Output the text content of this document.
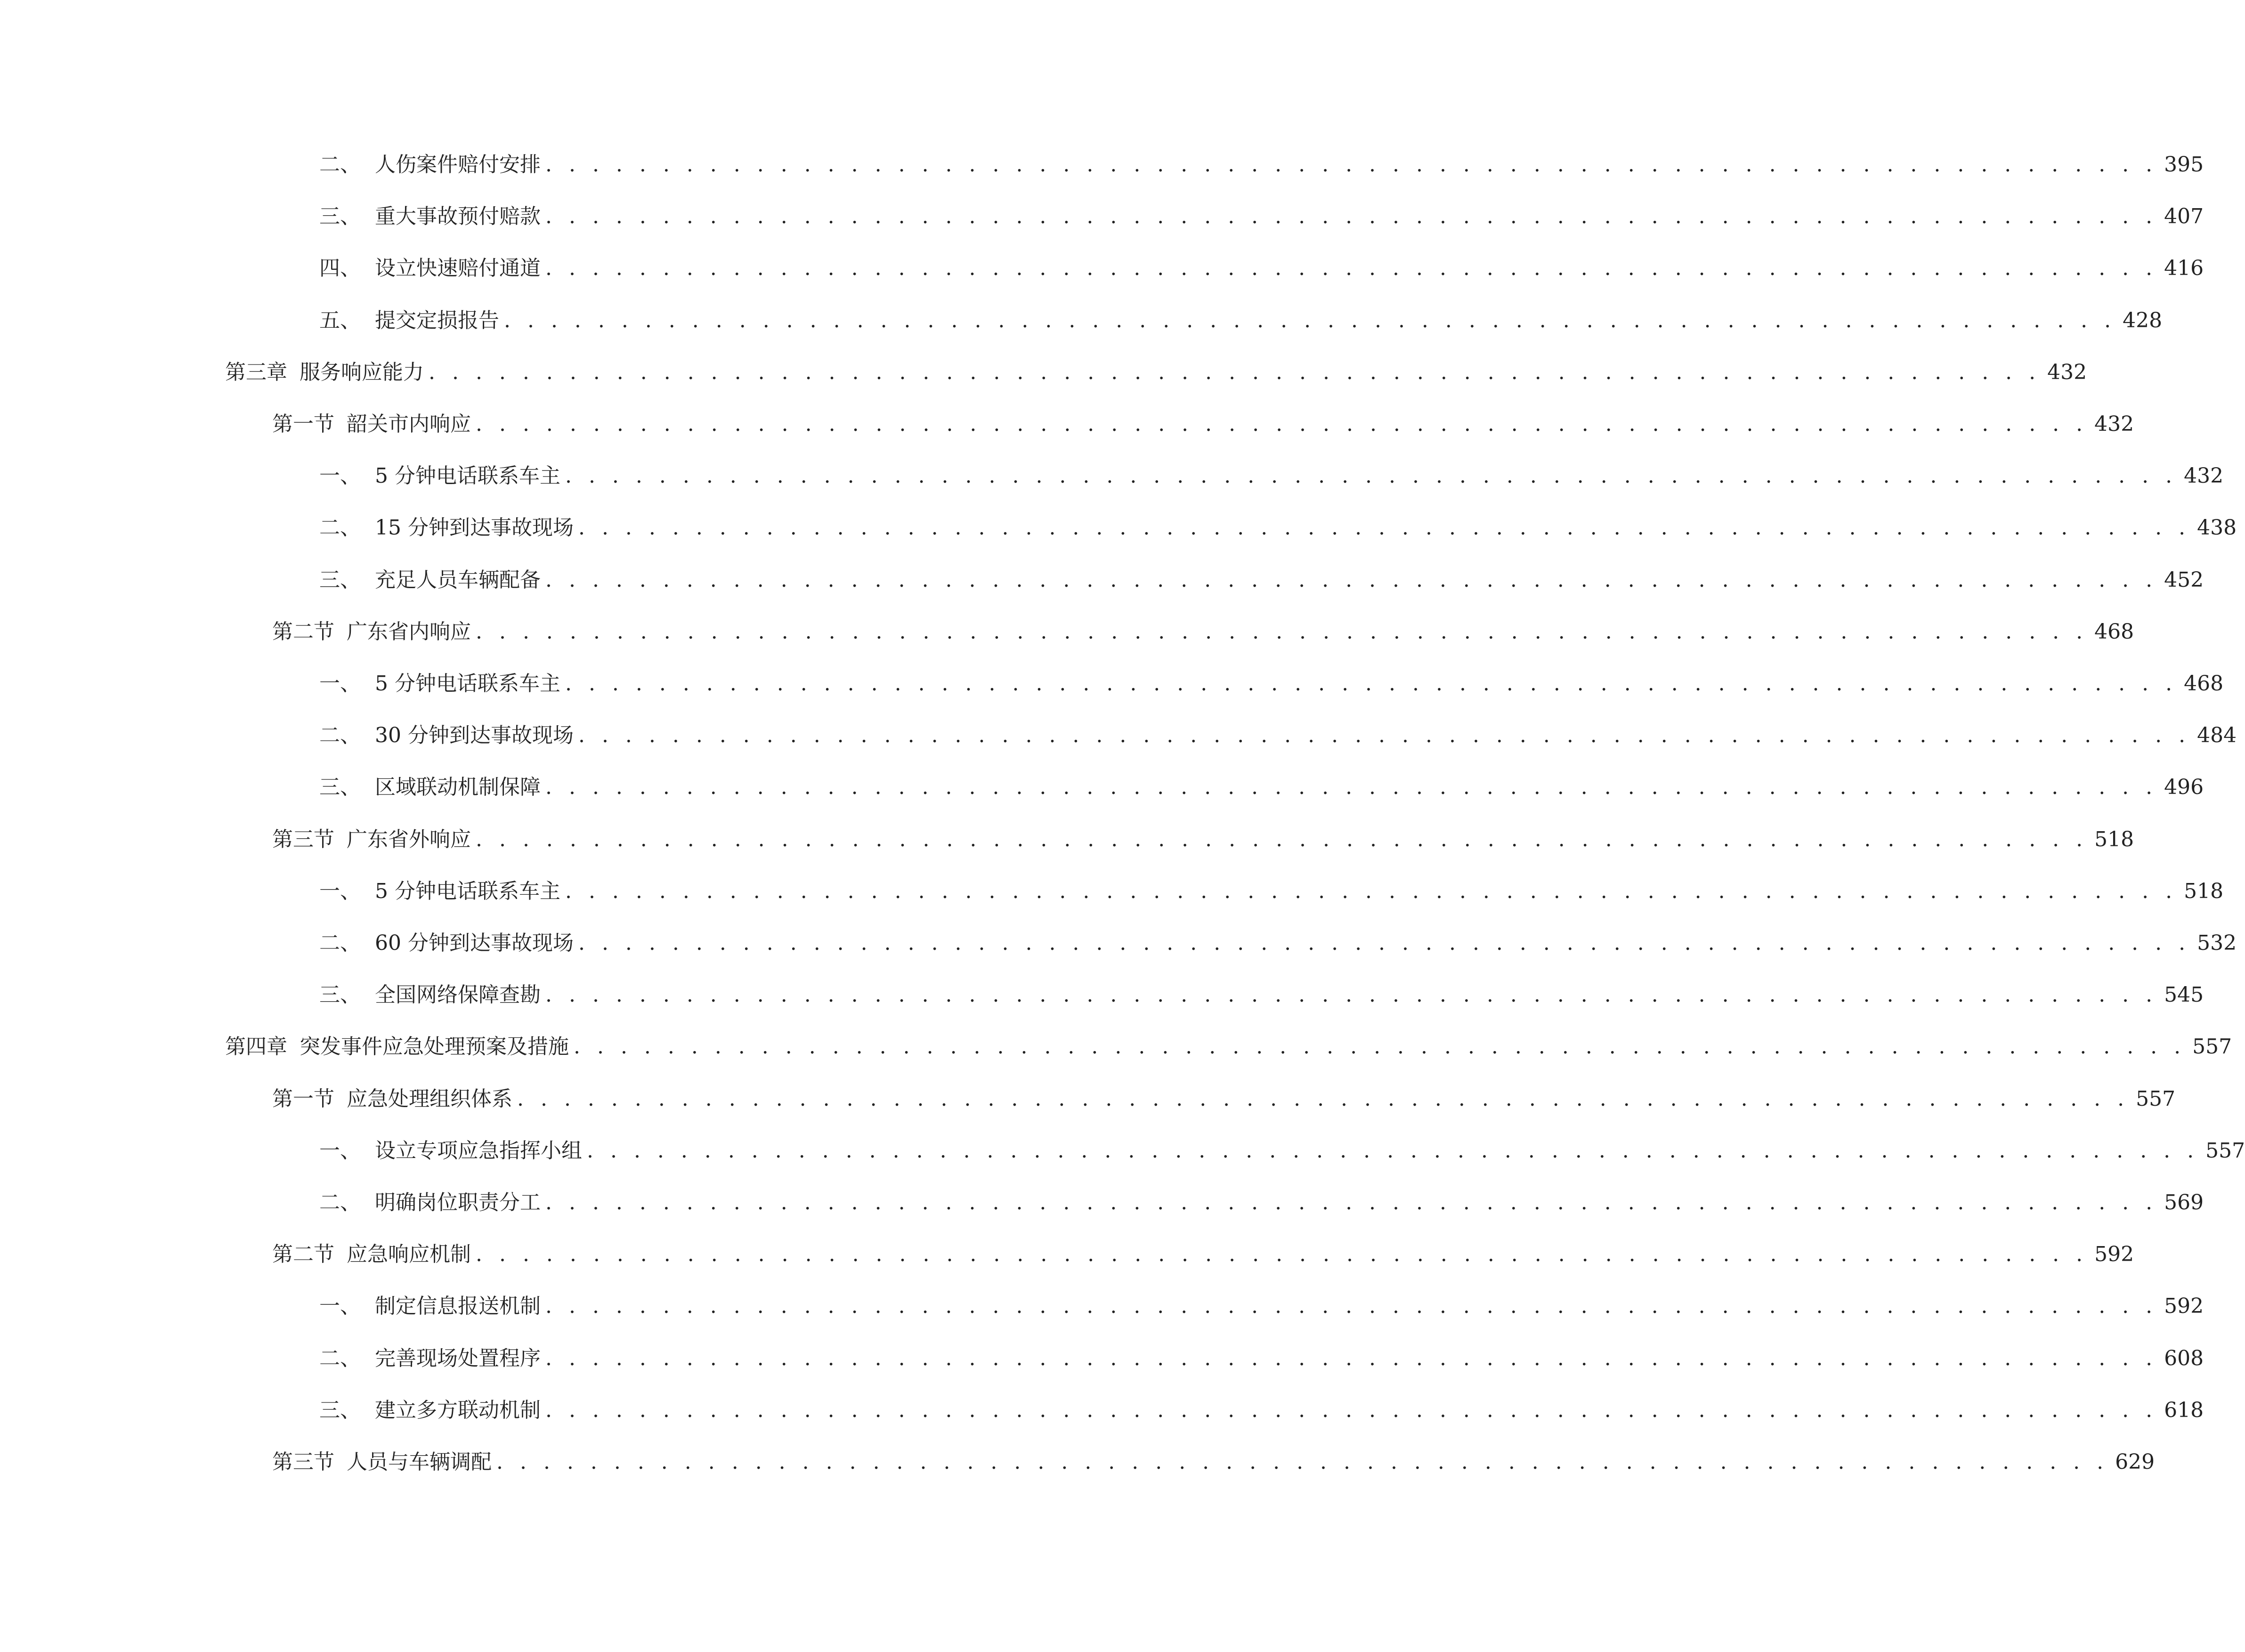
二、 人伤案件赔付安排 . . . . . . . . . . . . . . . . . . . . . . . . . . . . . . . . . . . . . . . . . . . . . . . . . . . . . . . . . . . . . . . . . . . . . 395
三、 重大事故预付赔款 . . . . . . . . . . . . . . . . . . . . . . . . . . . . . . . . . . . . . . . . . . . . . . . . . . . . . . . . . . . . . . . . . . . . . 407
四、 设立快速赔付通道 . . . . . . . . . . . . . . . . . . . . . . . . . . . . . . . . . . . . . . . . . . . . . . . . . . . . . . . . . . . . . . . . . . . . . 416
五、 提交定损报告 . . . . . . . . . . . . . . . . . . . . . . . . . . . . . . . . . . . . . . . . . . . . . . . . . . . . . . . . . . . . . . . . . . . . . 428
第三章 服务响应能力 . . . . . . . . . . . . . . . . . . . . . . . . . . . . . . . . . . . . . . . . . . . . . . . . . . . . . . . . . . . . . . . . . . . . . 432
第一节 韶关市内响应 . . . . . . . . . . . . . . . . . . . . . . . . . . . . . . . . . . . . . . . . . . . . . . . . . . . . . . . . . . . . . . . . . . . . . 432
一、 5 分钟电话联系车主 . . . . . . . . . . . . . . . . . . . . . . . . . . . . . . . . . . . . . . . . . . . . . . . . . . . . . . . . . . . . . . . . . . . . . 432
二、 15 分钟到达事故现场 . . . . . . . . . . . . . . . . . . . . . . . . . . . . . . . . . . . . . . . . . . . . . . . . . . . . . . . . . . . . . . . . . . . . . 438
三、 充足人员车辆配备 . . . . . . . . . . . . . . . . . . . . . . . . . . . . . . . . . . . . . . . . . . . . . . . . . . . . . . . . . . . . . . . . . . . . . 452
第二节 广东省内响应 . . . . . . . . . . . . . . . . . . . . . . . . . . . . . . . . . . . . . . . . . . . . . . . . . . . . . . . . . . . . . . . . . . . . . 468
一、 5 分钟电话联系车主 . . . . . . . . . . . . . . . . . . . . . . . . . . . . . . . . . . . . . . . . . . . . . . . . . . . . . . . . . . . . . . . . . . . . . 468
二、 30 分钟到达事故现场 . . . . . . . . . . . . . . . . . . . . . . . . . . . . . . . . . . . . . . . . . . . . . . . . . . . . . . . . . . . . . . . . . . . . . 484
三、 区域联动机制保障 . . . . . . . . . . . . . . . . . . . . . . . . . . . . . . . . . . . . . . . . . . . . . . . . . . . . . . . . . . . . . . . . . . . . . 496
第三节 广东省外响应 . . . . . . . . . . . . . . . . . . . . . . . . . . . . . . . . . . . . . . . . . . . . . . . . . . . . . . . . . . . . . . . . . . . . . 518
一、 5 分钟电话联系车主 . . . . . . . . . . . . . . . . . . . . . . . . . . . . . . . . . . . . . . . . . . . . . . . . . . . . . . . . . . . . . . . . . . . . . 518
二、 60 分钟到达事故现场 . . . . . . . . . . . . . . . . . . . . . . . . . . . . . . . . . . . . . . . . . . . . . . . . . . . . . . . . . . . . . . . . . . . . . 532
三、 全国网络保障查勘 . . . . . . . . . . . . . . . . . . . . . . . . . . . . . . . . . . . . . . . . . . . . . . . . . . . . . . . . . . . . . . . . . . . . . 545
第四章 突发事件应急处理预案及措施 . . . . . . . . . . . . . . . . . . . . . . . . . . . . . . . . . . . . . . . . . . . . . . . . . . . . . . . . . . . . . . . . . . . . . 557
第一节 应急处理组织体系 . . . . . . . . . . . . . . . . . . . . . . . . . . . . . . . . . . . . . . . . . . . . . . . . . . . . . . . . . . . . . . . . . . . . . 557
一、 设立专项应急指挥小组 . . . . . . . . . . . . . . . . . . . . . . . . . . . . . . . . . . . . . . . . . . . . . . . . . . . . . . . . . . . . . . . . . . . . . 557
二、 明确岗位职责分工 . . . . . . . . . . . . . . . . . . . . . . . . . . . . . . . . . . . . . . . . . . . . . . . . . . . . . . . . . . . . . . . . . . . . . 569
第二节 应急响应机制 . . . . . . . . . . . . . . . . . . . . . . . . . . . . . . . . . . . . . . . . . . . . . . . . . . . . . . . . . . . . . . . . . . . . . 592
一、 制定信息报送机制 . . . . . . . . . . . . . . . . . . . . . . . . . . . . . . . . . . . . . . . . . . . . . . . . . . . . . . . . . . . . . . . . . . . . . 592
二、 完善现场处置程序 . . . . . . . . . . . . . . . . . . . . . . . . . . . . . . . . . . . . . . . . . . . . . . . . . . . . . . . . . . . . . . . . . . . . . 608
三、 建立多方联动机制 . . . . . . . . . . . . . . . . . . . . . . . . . . . . . . . . . . . . . . . . . . . . . . . . . . . . . . . . . . . . . . . . . . . . . 618
第三节 人员与车辆调配 . . . . . . . . . . . . . . . . . . . . . . . . . . . . . . . . . . . . . . . . . . . . . . . . . . . . . . . . . . . . . . . . . . . . . 629
